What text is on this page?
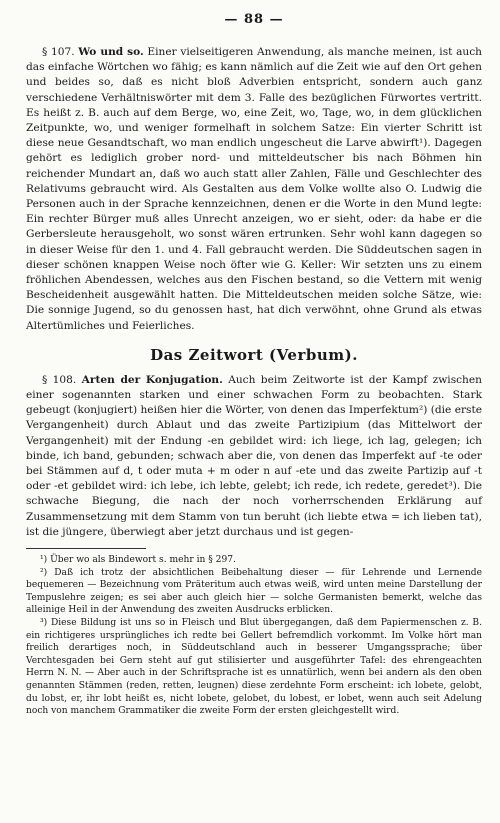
— 88 —

§ 107. Wo und so. Einer vielseitigeren Anwendung, als manche meinen, ist auch das einfache Wörtchen wo fähig; es kann nämlich auf die Zeit wie auf den Ort gehen und beides so, daß es nicht bloß Adverbien entspricht, sondern auch ganz verschiedene Verhältniswörter mit dem 3. Falle des bezüglichen Fürwortes vertritt. Es heißt z. B. auch auf dem Berge, wo, eine Zeit, wo, Tage, wo, in dem glücklichen Zeitpunkte, wo, und weniger formelhaft in solchem Satze: Ein vierter Schritt ist diese neue Gesandtschaft, wo man endlich ungescheut die Larve abwirft¹). Dagegen gehört es lediglich grober nord- und mitteldeutscher bis nach Böhmen hin reichender Mundart an, daß wo auch statt aller Zahlen, Fälle und Geschlechter des Relativums gebraucht wird. Als Gestalten aus dem Volke wollte also O. Ludwig die Personen auch in der Sprache kennzeichnen, denen er die Worte in den Mund legte: Ein rechter Bürger muß alles Unrecht anzeigen, wo er sieht, oder: da habe er die Gerbersleute herausgeholt, wo sonst wären ertrunken. Sehr wohl kann dagegen so in dieser Weise für den 1. und 4. Fall gebraucht werden. Die Süddeutschen sagen in dieser schönen knappen Weise noch öfter wie G. Keller: Wir setzten uns zu einem fröhlichen Abendessen, welches aus den Fischen bestand, so die Vettern mit wenig Bescheidenheit ausgewählt hatten. Die Mitteldeutschen meiden solche Sätze, wie: Die sonnige Jugend, so du genossen hast, hat dich verwöhnt, ohne Grund als etwas Altertümliches und Feierliches.

Das Zeitwort (Verbum).

§ 108. Arten der Konjugation. Auch beim Zeitworte ist der Kampf zwischen einer sogenannten starken und einer schwachen Form zu beobachten. Stark gebeugt (konjugiert) heißen hier die Wörter, von denen das Imperfektum²) (die erste Vergangenheit) durch Ablaut und das zweite Partizipium (das Mittelwort der Vergangenheit) mit der Endung -en gebildet wird: ich liege, ich lag, gelegen; ich binde, ich band, gebunden; schwach aber die, von denen das Imperfekt auf -te oder bei Stämmen auf d, t oder muta + m oder n auf -ete und das zweite Partizip auf -t oder -et gebildet wird: ich lebe, ich lebte, gelebt; ich rede, ich redete, geredet³). Die schwache Biegung, die nach der noch vorherrschenden Erklärung auf Zusammensetzung mit dem Stamm von tun beruht (ich liebte etwa = ich lieben tat), ist die jüngere, überwiegt aber jetzt durchaus und ist gegen-

¹) Über wo als Bindewort s. mehr in § 297.

²) Daß ich trotz der absichtlichen Beibehaltung dieser — für Lehrende und Lernende bequemeren — Bezeichnung vom Präteritum auch etwas weiß, wird unten meine Darstellung der Tempuslehre zeigen; es sei aber auch gleich hier — solche Germanisten bemerkt, welche das alleinige Heil in der Anwendung des zweiten Ausdrucks erblicken.

³) Diese Bildung ist uns so in Fleisch und Blut übergegangen, daß dem Papiermenschen z. B. ein richtigeres ursprüngliches ich redte bei Gellert befremdlich vorkommt. Im Volke hört man freilich derartiges noch, in Süddeutschland auch in besserer Umgangssprache; über Verchtesgaden bei Gern steht auf gut stilisierter und ausgeführter Tafel: des ehrengeachten Herrn N. N. — Aber auch in der Schriftsprache ist es unnatürlich, wenn bei andern als den oben genannten Stämmen (reden, retten, leugnen) diese zerdehnte Form erscheint: ich lobete, gelobt, du lobst, er, ihr lobt heißt es, nicht lobete, gelobet, du lobest, er lobet, wenn auch seit Adelung noch von manchem Grammatiker die zweite Form der ersten gleichgestellt wird.
